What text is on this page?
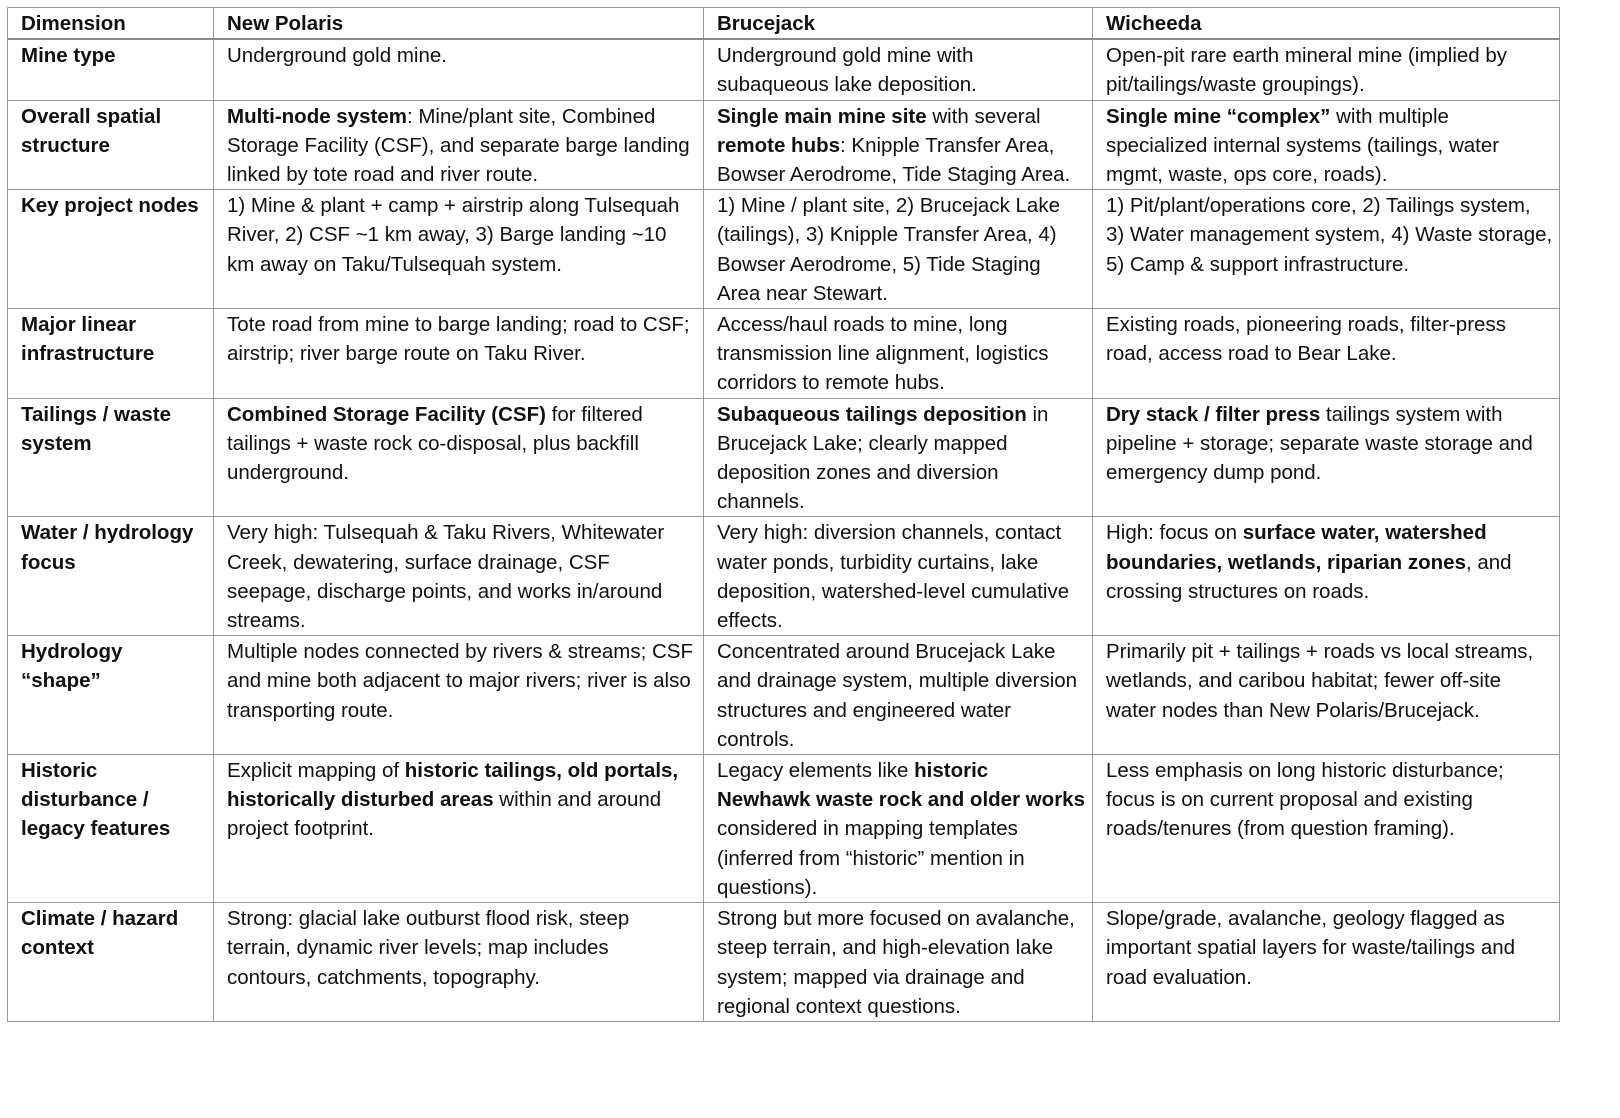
Dimension	New Polaris	Brucejack	Wicheeda
Mine type	Underground gold mine.	Underground gold mine with subaqueous lake deposition.	Open-pit rare earth mineral mine (implied by pit/tailings/waste groupings).
Overall spatial structure	Multi-node system: Mine/plant site, Combined Storage Facility (CSF), and separate barge landing linked by tote road and river route.	Single main mine site with several remote hubs: Knipple Transfer Area, Bowser Aerodrome, Tide Staging Area.	Single mine “complex” with multiple specialized internal systems (tailings, water mgmt, waste, ops core, roads).
Key project nodes	1) Mine & plant + camp + airstrip along Tulsequah River, 2) CSF ~1 km away, 3) Barge landing ~10 km away on Taku/Tulsequah system.	1) Mine / plant site, 2) Brucejack Lake (tailings), 3) Knipple Transfer Area, 4) Bowser Aerodrome, 5) Tide Staging Area near Stewart.	1) Pit/plant/operations core, 2) Tailings system, 3) Water management system, 4) Waste storage, 5) Camp & support infrastructure.
Major linear infrastructure	Tote road from mine to barge landing; road to CSF; airstrip; river barge route on Taku River.	Access/haul roads to mine, long transmission line alignment, logistics corridors to remote hubs.	Existing roads, pioneering roads, filter-press road, access road to Bear Lake.
Tailings / waste system	Combined Storage Facility (CSF) for filtered tailings + waste rock co-disposal, plus backfill underground.	Subaqueous tailings deposition in Brucejack Lake; clearly mapped deposition zones and diversion channels.	Dry stack / filter press tailings system with pipeline + storage; separate waste storage and emergency dump pond.
Water / hydrology focus	Very high: Tulsequah & Taku Rivers, Whitewater Creek, dewatering, surface drainage, CSF seepage, discharge points, and works in/around streams.	Very high: diversion channels, contact water ponds, turbidity curtains, lake deposition, watershed-level cumulative effects.	High: focus on surface water, watershed boundaries, wetlands, riparian zones, and crossing structures on roads.
Hydrology “shape”	Multiple nodes connected by rivers & streams; CSF and mine both adjacent to major rivers; river is also transporting route.	Concentrated around Brucejack Lake and drainage system, multiple diversion structures and engineered water controls.	Primarily pit + tailings + roads vs local streams, wetlands, and caribou habitat; fewer off-site water nodes than New Polaris/Brucejack.
Historic disturbance / legacy features	Explicit mapping of historic tailings, old portals, historically disturbed areas within and around project footprint.	Legacy elements like historic Newhawk waste rock and older works considered in mapping templates (inferred from “historic” mention in questions).	Less emphasis on long historic disturbance; focus is on current proposal and existing roads/tenures (from question framing).
Climate / hazard context	Strong: glacial lake outburst flood risk, steep terrain, dynamic river levels; map includes contours, catchments, topography.	Strong but more focused on avalanche, steep terrain, and high-elevation lake system; mapped via drainage and regional context questions.	Slope/grade, avalanche, geology flagged as important spatial layers for waste/tailings and road evaluation.
